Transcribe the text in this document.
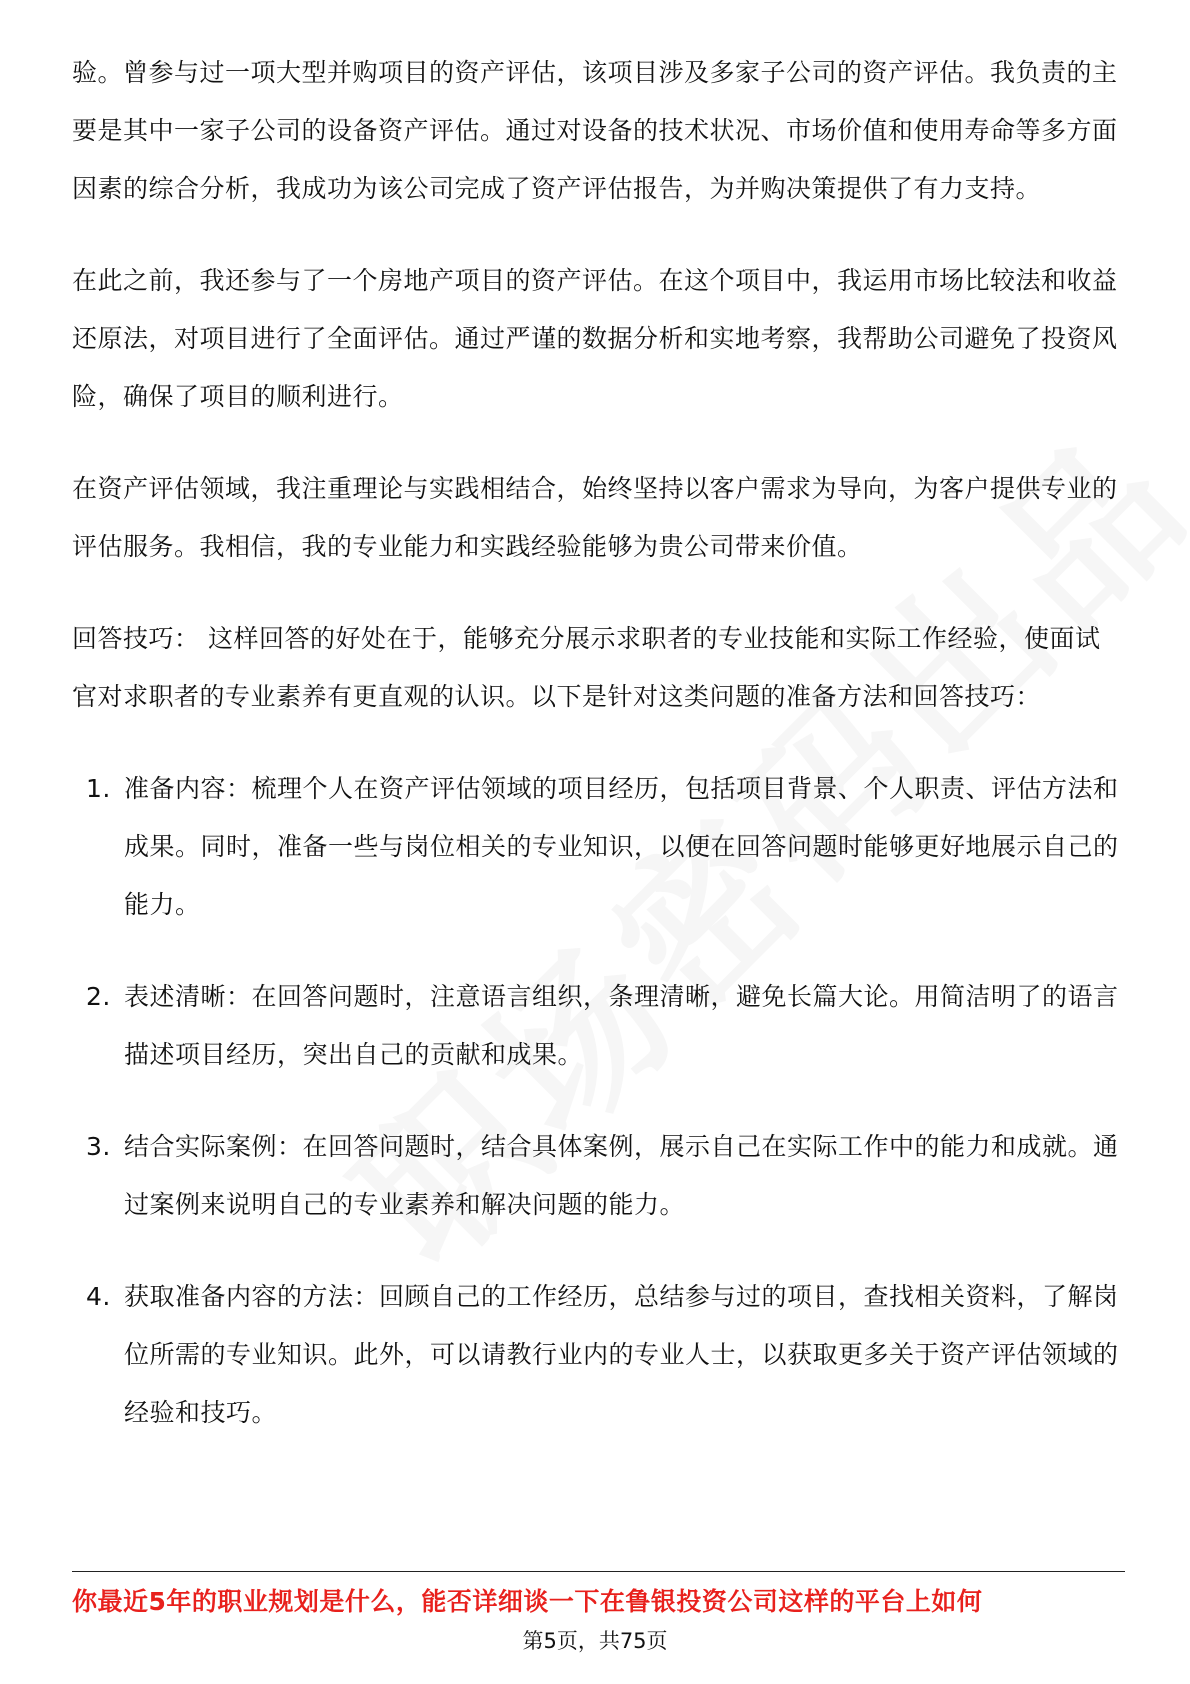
验。曾参与过一项大型并购项目的资产评估，该项目涉及多家子公司的资产评估。我负责的主要是其中一家子公司的设备资产评估。通过对设备的技术状况、市场价值和使用寿命等多方面因素的综合分析，我成功为该公司完成了资产评估报告，为并购决策提供了有力支持。

在此之前，我还参与了一个房地产项目的资产评估。在这个项目中，我运用市场比较法和收益还原法，对项目进行了全面评估。通过严谨的数据分析和实地考察，我帮助公司避免了投资风险，确保了项目的顺利进行。

在资产评估领域，我注重理论与实践相结合，始终坚持以客户需求为导向，为客户提供专业的评估服务。我相信，我的专业能力和实践经验能够为贵公司带来价值。

回答技巧： 这样回答的好处在于，能够充分展示求职者的专业技能和实际工作经验，使面试官对求职者的专业素养有更直观的认识。以下是针对这类问题的准备方法和回答技巧：

1. 准备内容：梳理个人在资产评估领域的项目经历，包括项目背景、个人职责、评估方法和成果。同时，准备一些与岗位相关的专业知识，以便在回答问题时能够更好地展示自己的能力。
2. 表述清晰：在回答问题时，注意语言组织，条理清晰，避免长篇大论。用简洁明了的语言描述项目经历，突出自己的贡献和成果。
3. 结合实际案例：在回答问题时，结合具体案例，展示自己在实际工作中的能力和成就。通过案例来说明自己的专业素养和解决问题的能力。
4. 获取准备内容的方法：回顾自己的工作经历，总结参与过的项目，查找相关资料，了解岗位所需的专业知识。此外，可以请教行业内的专业人士，以获取更多关于资产评估领域的经验和技巧。
你最近5年的职业规划是什么，能否详细谈一下在鲁银投资公司这样的平台上如何
第5页，共75页
